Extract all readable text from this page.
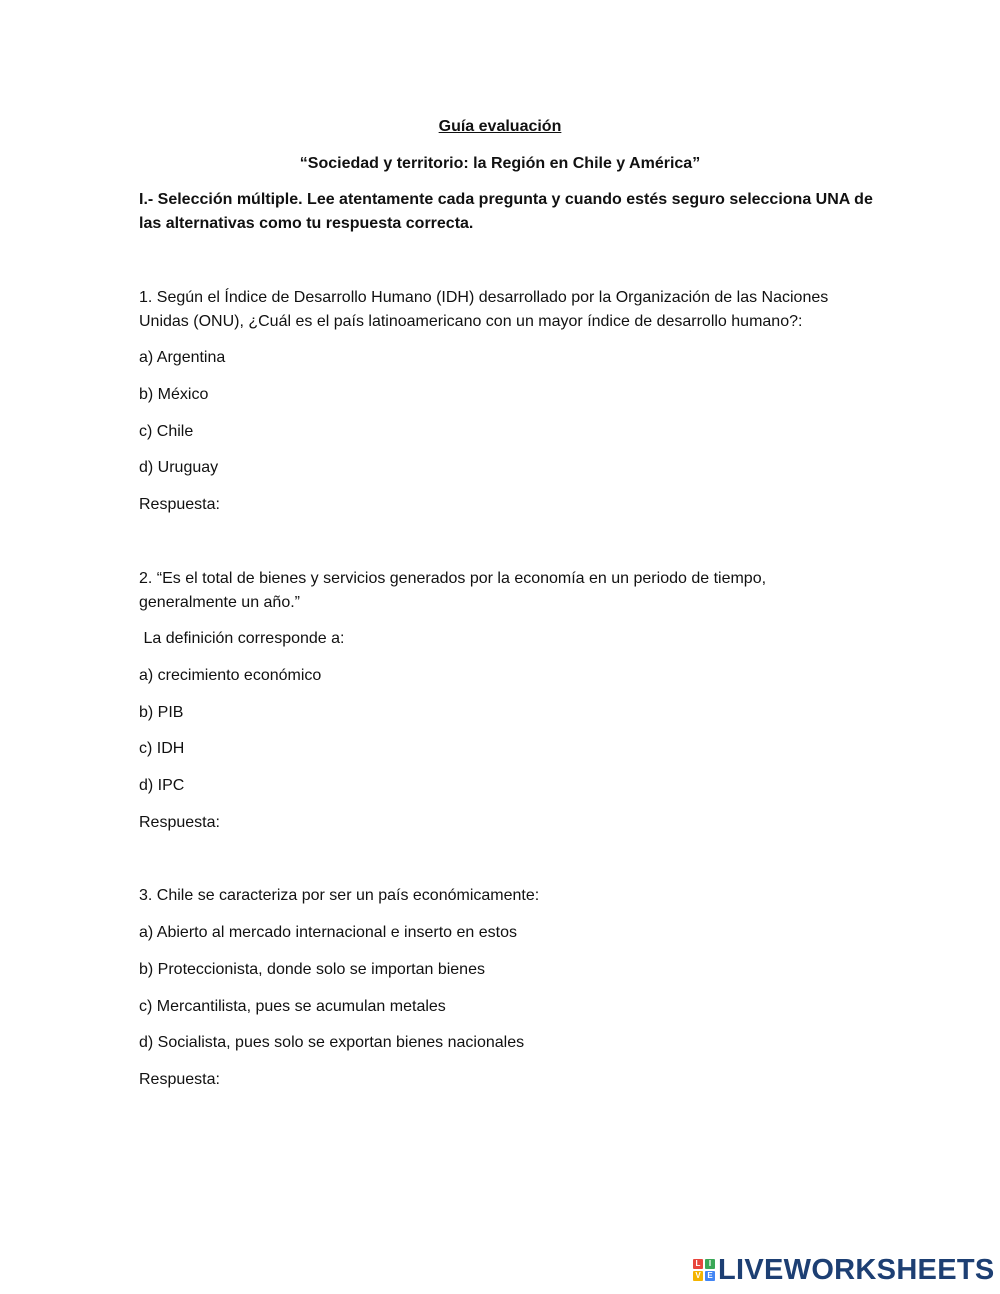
Guía evaluación
“Sociedad y territorio: la Región en Chile y América”
I.- Selección múltiple. Lee atentamente cada pregunta y cuando estés seguro selecciona UNA de
las alternativas como tu respuesta correcta.
1. Según el Índice de Desarrollo Humano (IDH) desarrollado por la Organización de las Naciones
Unidas (ONU), ¿Cuál es el país latinoamericano con un mayor índice de desarrollo humano?:
a) Argentina
b) México
c) Chile
d) Uruguay
Respuesta:
2. “Es el total de bienes y servicios generados por la economía en un periodo de tiempo,
generalmente un año.”
La definición corresponde a:
a) crecimiento económico
b) PIB
c) IDH
d) IPC
Respuesta:
3. Chile se caracteriza por ser un país económicamente:
a) Abierto al mercado internacional e inserto en estos
b) Proteccionista, donde solo se importan bienes
c) Mercantilista, pues se acumulan metales
d) Socialista, pues solo se exportan bienes nacionales
Respuesta:
L	I
V E LIVEWORKSHEETS
